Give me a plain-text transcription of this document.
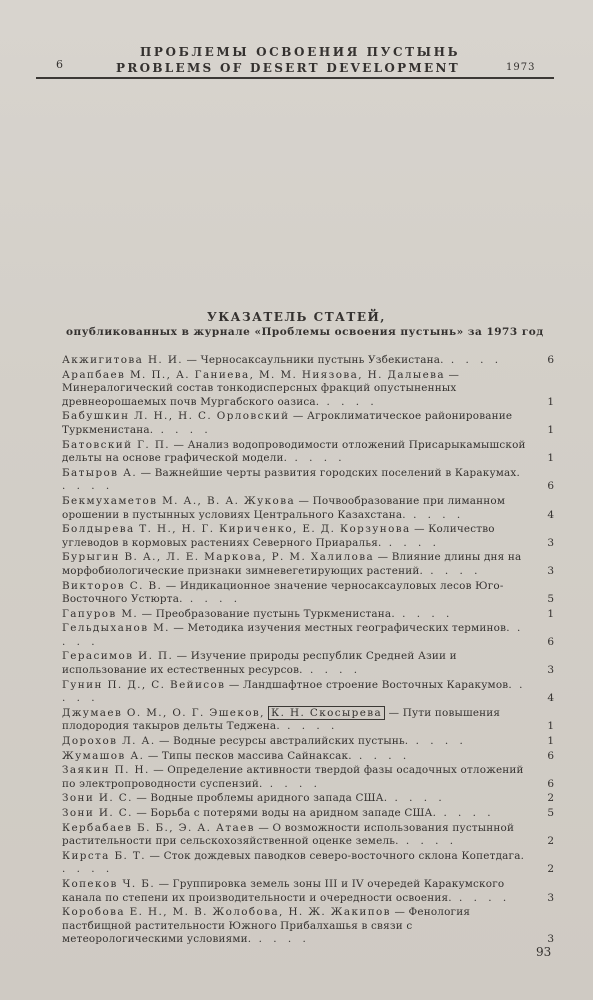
6
ПРОБЛЕМЫ ОСВОЕНИЯ ПУСТЫНЬ
PROBLEMS OF DESERT DEVELOPMENT	1973
УКАЗАТЕЛЬ СТАТЕЙ,
опубликованных в журнале «Проблемы освоения пустынь» за 1973 год
Акжигитова Н. И. — Черносаксаульники пустынь Узбекистана. . . . .	6
Арапбаев М. П., А. Ганиева, М. М. Ниязова, Н. Далыева — Минералогический состав тонкодисперсных фракций опустыненных древнеорошаемых почв Мургабского оазиса. . . . .	1
Бабушкин Л. Н., Н. С. Орловский — Агроклиматическое районирование Туркменистана. . . . .	1
Батовский Г. П. — Анализ водопроводимости отложений Присарыкамышской дельты на основе графической модели. . . . .	1
Батыров А. — Важнейшие черты развития городских поселений в Каракумах. . . . .	6
Бекмухаметов М. А., В. А. Жукова — Почвообразование при лиманном орошении в пустынных условиях Центрального Казахстана. . . . .	4
Болдырева Т. Н., Н. Г. Кириченко, Е. Д. Корзунова — Количество углеводов в кормовых растениях Северного Приаралья. . . . .	3
Бурыгин В. А., Л. Е. Маркова, Р. М. Халилова — Влияние длины дня на морфобиологические признаки зимневегетирующих растений. . . . .	3
Викторов С. В. — Индикационное значение черносаксауловых лесов Юго-Восточного Устюрта. . . . .	5
Гапуров М. — Преобразование пустынь Туркменистана. . . . .	1
Гельдыханов М. — Методика изучения местных географических терминов. . . . .	6
Герасимов И. П. — Изучение природы республик Средней Азии и использование их естественных ресурсов. . . . .	3
Гунин П. Д., С. Вейисов — Ландшафтное строение Восточных Каракумов. . . . .	4
Джумаев О. М., О. Г. Эшеков, К. Н. Скосырева — Пути повышения плодородия такыров дельты Теджена. . . . .	1
Дорохов Л. А. — Водные ресурсы австралийских пустынь. . . . .	1
Жумашов А. — Типы песков массива Сайнаксак. . . . .	6
Заякин П. Н. — Определение активности твердой фазы осадочных отложений по электропроводности суспензий. . . . .	6
Зони И. С. — Водные проблемы аридного запада США. . . . .	2
Зони И. С. — Борьба с потерями воды на аридном западе США. . . . .	5
Кербабаев Б. Б., Э. А. Атаев — О возможности использования пустынной растительности при сельскохозяйственной оценке земель. . . . .	2
Кирста Б. Т. — Сток дождевых паводков северо-восточного склона Копетдага. . . . .	2
Копеков Ч. Б. — Группировка земель зоны III и IV очередей Каракумского канала по степени их производительности и очередности освоения. . . . .	3
Коробова Е. Н., М. В. Жолобова, Н. Ж. Жакипов — Фенология пастбищной растительности Южного Прибалхашья в связи с метеорологическими условиями. . . . .	3
93
